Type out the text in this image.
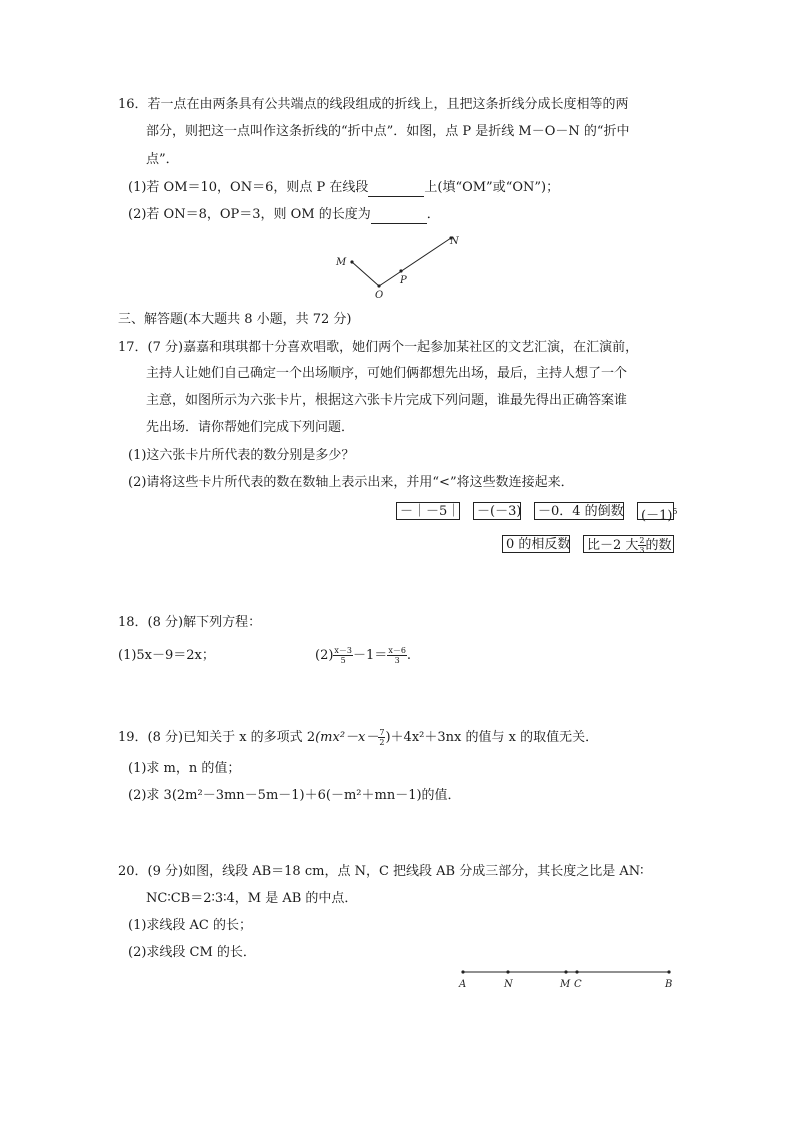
16．若一点在由两条具有公共端点的线段组成的折线上，且把这条折线分成长度相等的两
部分，则把这一点叫作这条折线的“折中点”．如图，点 P 是折线 M－O－N 的“折中
点”．
(1)若 OM＝10，ON＝6，则点 P 在线段	上(填“OM”或“ON”)；
(2)若 ON＝8，OP＝3，则 OM 的长度为	．
M
O
P
N
三、解答题(本大题共 8 小题，共 72 分)
17．(7 分)嘉嘉和琪琪都十分喜欢唱歌，她们两个一起参加某社区的文艺汇演，在汇演前，
主持人让她们自己确定一个出场顺序，可她们俩都想先出场，最后，主持人想了一个
主意，如图所示为六张卡片，根据这六张卡片完成下列问题，谁最先得出正确答案谁
先出场．请你帮她们完成下列问题．
(1)这六张卡片所代表的数分别是多少？
(2)请将这些卡片所代表的数在数轴上表示出来，并用“<”将这些数连接起来．
－｜－5｜	－(－3)	－0．4 的倒数	$(-1)^5$
0 的相反数	比－2 大 $\frac{2}{3}$ 的数
18．(8 分)解下列方程：
(1)5x－9＝2x；	$(2) \frac{x-3}{5} -1= \frac{x-6}{3}$ .
19．(8 分)已知关于 x 的多项式 $2(mx^2-x- \frac{7}{2} )+4x^2+3nx$ 的值与 x 的取值无关．
(1)求 m，n 的值；
(2)求 3(2m²－3mn－5m－1)＋6(－m²＋mn－1)的值．
20．(9 分)如图，线段 AB＝18 cm，点 N，C 把线段 AB 分成三部分，其长度之比是 AN∶
NC∶CB＝2∶3∶4，M 是 AB 的中点．
(1)求线段 AC 的长；
(2)求线段 CM 的长．
A	N	M C	B
